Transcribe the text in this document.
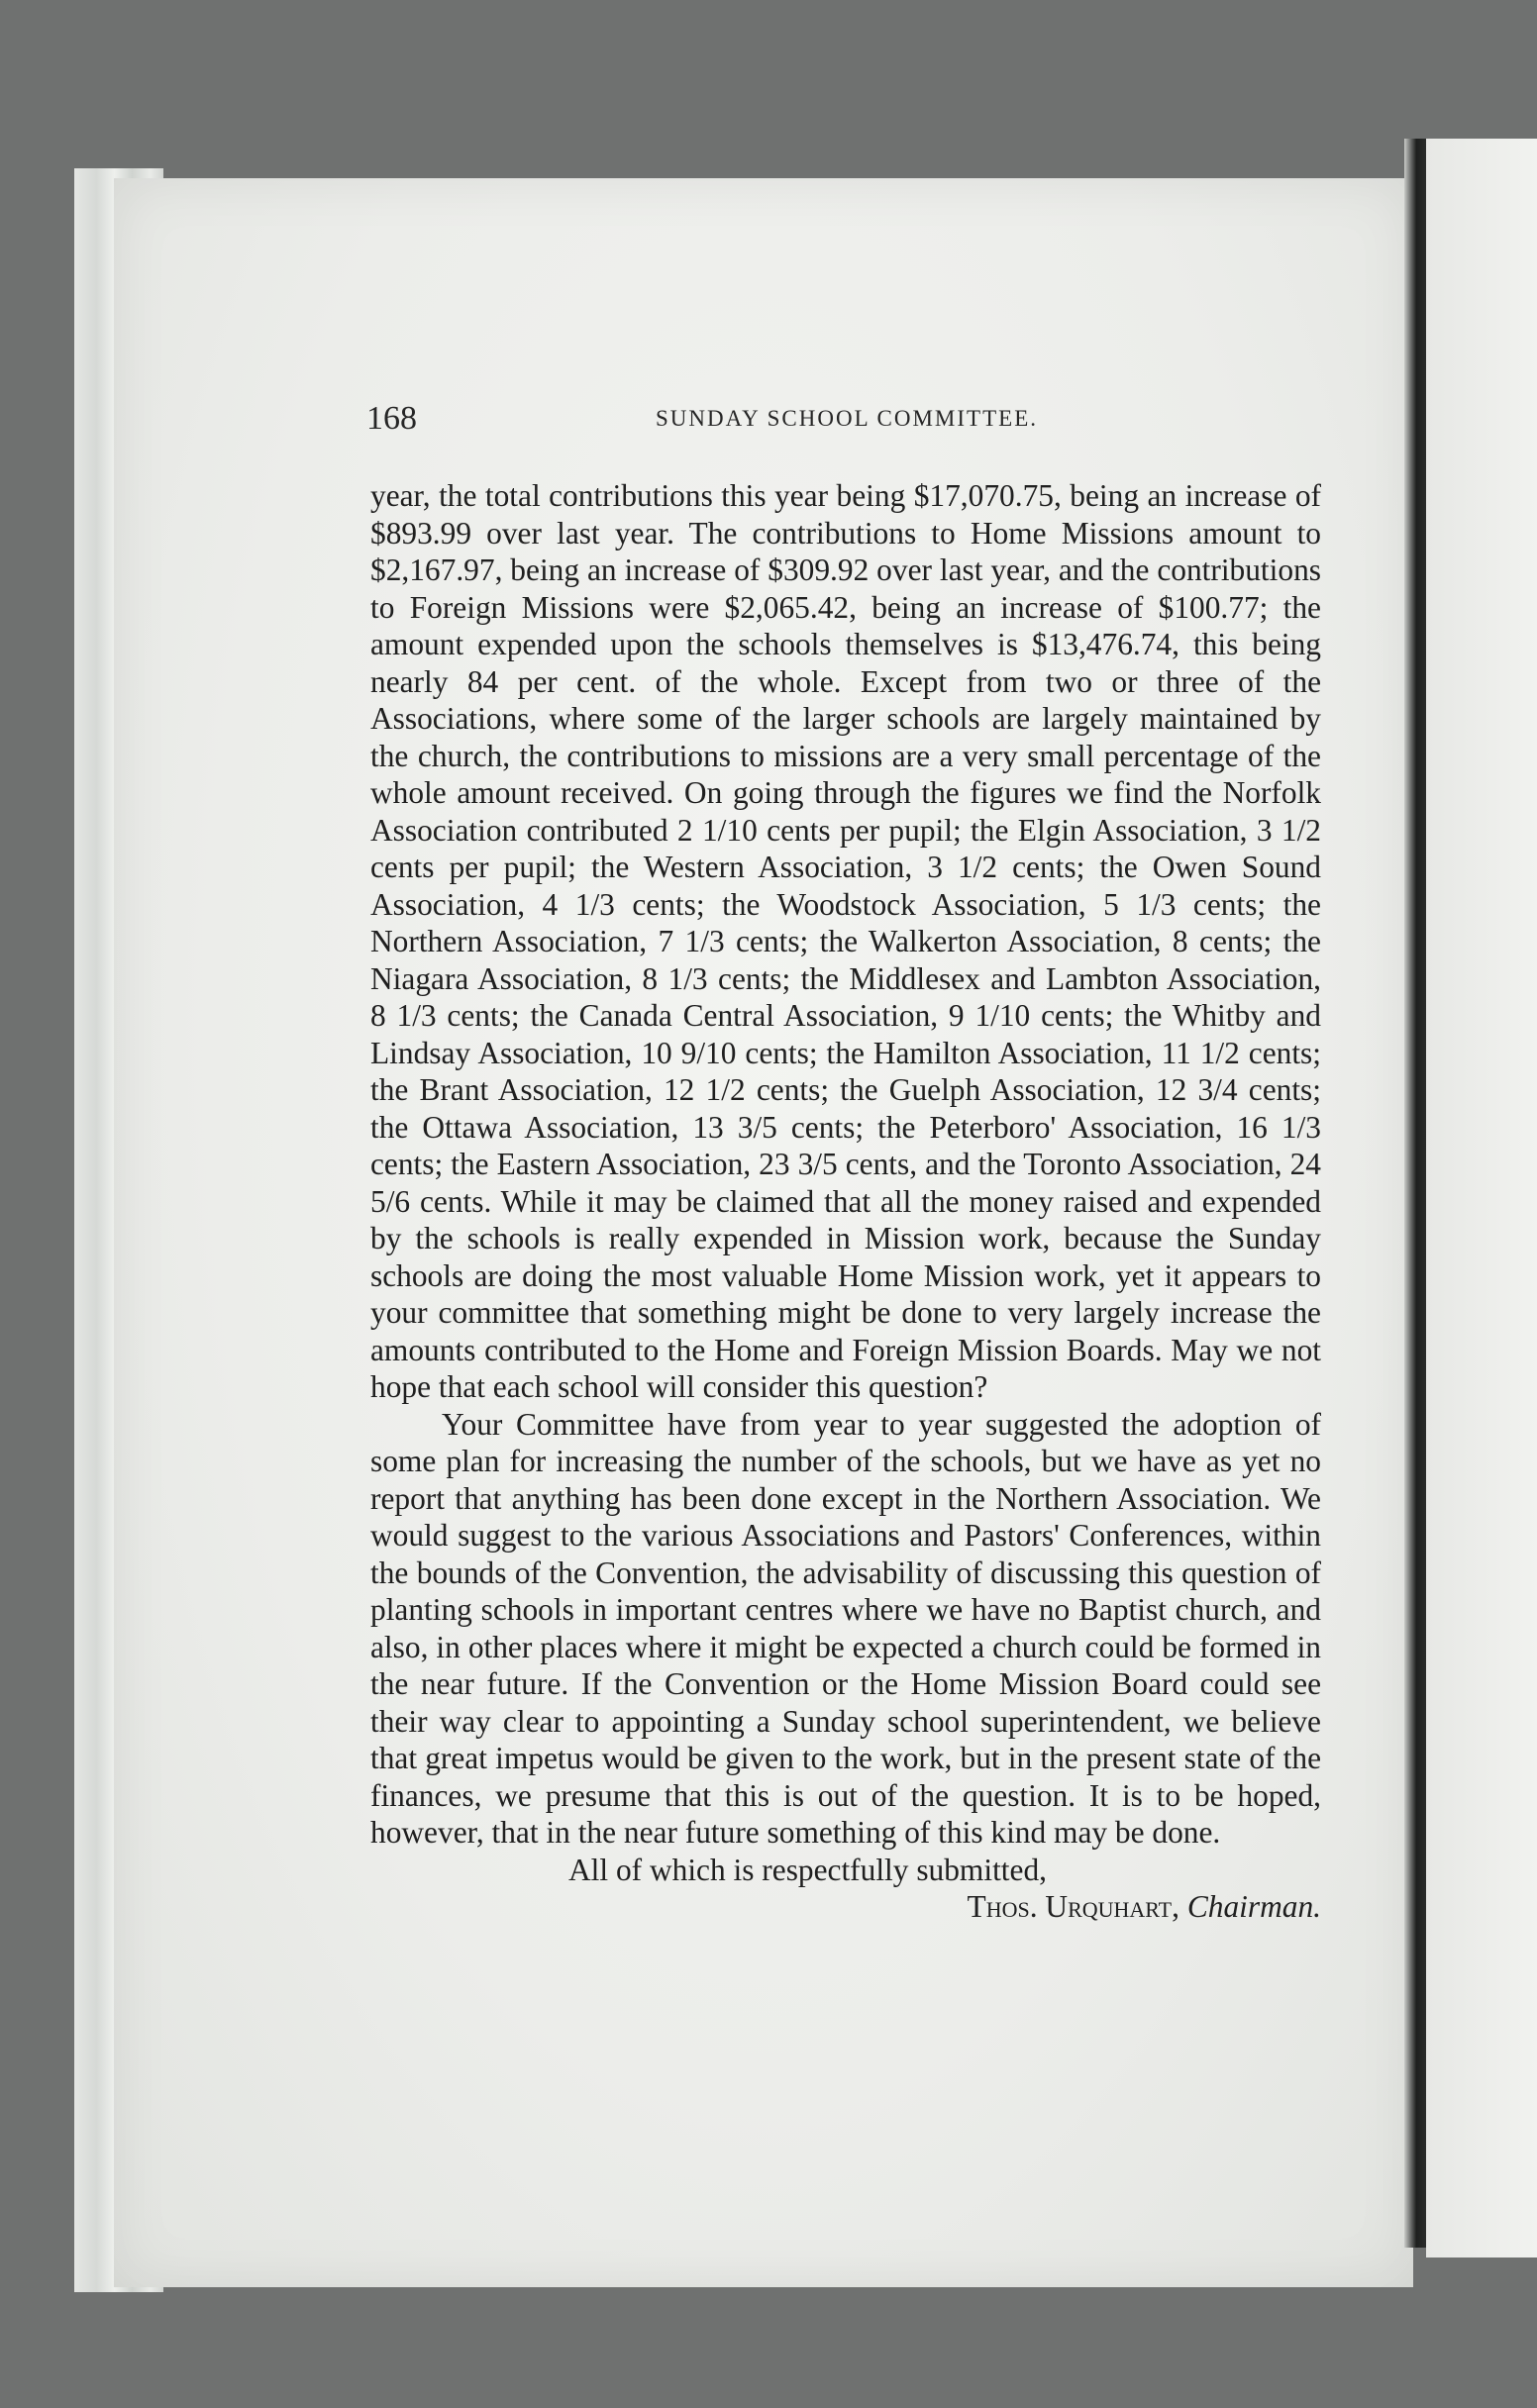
168	SUNDAY SCHOOL COMMITTEE.

year, the total contributions this year being $17,070.75, being an increase of $893.99 over last year. The contributions to Home Missions amount to $2,167.97, being an increase of $309.92 over last year, and the contributions to Foreign Missions were $2,065.42, being an increase of $100.77; the amount expended upon the schools themselves is $13,476.74, this being nearly 84 per cent. of the whole. Except from two or three of the Associations, where some of the larger schools are largely maintained by the church, the contributions to missions are a very small percentage of the whole amount received. On going through the figures we find the Norfolk Association contributed 2 1/10 cents per pupil; the Elgin Association, 3 1/2 cents per pupil; the Western Association, 3 1/2 cents; the Owen Sound Association, 4 1/3 cents; the Woodstock Association, 5 1/3 cents; the Northern Association, 7 1/3 cents; the Walkerton Association, 8 cents; the Niagara Association, 8 1/3 cents; the Middlesex and Lambton Association, 8 1/3 cents; the Canada Central Association, 9 1/10 cents; the Whitby and Lindsay Association, 10 9/10 cents; the Hamilton Association, 11 1/2 cents; the Brant Association, 12 1/2 cents; the Guelph Association, 12 3/4 cents; the Ottawa Association, 13 3/5 cents; the Peterboro' Association, 16 1/3 cents; the Eastern Association, 23 3/5 cents, and the Toronto Association, 24 5/6 cents. While it may be claimed that all the money raised and expended by the schools is really expended in Mission work, because the Sunday schools are doing the most valuable Home Mission work, yet it appears to your committee that something might be done to very largely increase the amounts contributed to the Home and Foreign Mission Boards. May we not hope that each school will consider this question?

Your Committee have from year to year suggested the adoption of some plan for increasing the number of the schools, but we have as yet no report that anything has been done except in the Northern Association. We would suggest to the various Associations and Pastors' Conferences, within the bounds of the Convention, the advisability of discussing this question of planting schools in important centres where we have no Baptist church, and also, in other places where it might be expected a church could be formed in the near future. If the Convention or the Home Mission Board could see their way clear to appointing a Sunday school superintendent, we believe that great impetus would be given to the work, but in the present state of the finances, we presume that this is out of the question. It is to be hoped, however, that in the near future something of this kind may be done.

All of which is respectfully submitted,

Thos. Urquhart, Chairman.
